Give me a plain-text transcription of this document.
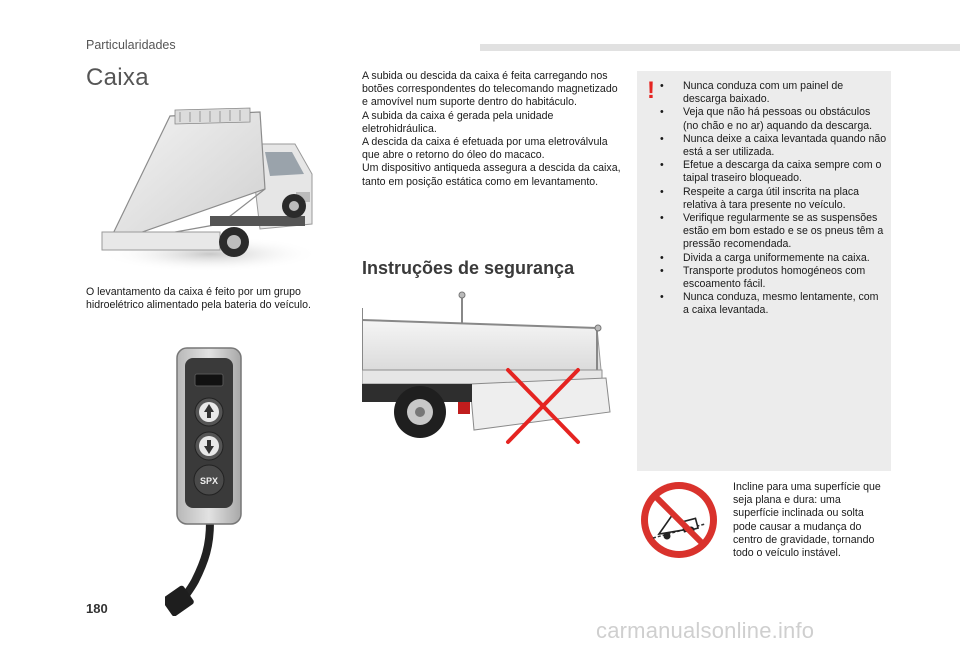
Particularidades
Caixa
O levantamento da caixa é feito por um grupo hidroelétrico alimentado pela bateria do veículo.
SPX
A subida ou descida da caixa é feita carregando nos botões correspondentes do telecomando magnetizado e amovível num suporte dentro do habitáculo.
A subida da caixa é gerada pela unidade eletrohidráulica.
A descida da caixa é efetuada por uma eletroválvula que abre o retorno do óleo do macaco.
Um dispositivo antiqueda assegura a descida da caixa, tanto em posição estática como em levantamento.
Instruções de segurança
!
•	Nunca conduza com um painel de descarga baixado.
• Veja que não há pessoas ou obstáculos (no chão e no ar) aquando da descarga.
• Nunca deixe a caixa levantada quando não está a ser utilizada.
• Efetue a descarga da caixa sempre com o taipal traseiro bloqueado.
• Respeite a carga útil inscrita na placa relativa à tara presente no veículo.
• Verifique regularmente se as suspensões estão em bom estado e se os pneus têm a pressão recomendada.
• Divida a carga uniformemente na caixa.
• Transporte produtos homogéneos com escoamento fácil.
• Nunca conduza, mesmo lentamente, com a caixa levantada.
Incline para uma superfície que seja plana e dura: uma superfície inclinada ou solta pode causar a mudança do centro de gravidade, tornando todo o veículo instável.
180
carmanualsonline.info
